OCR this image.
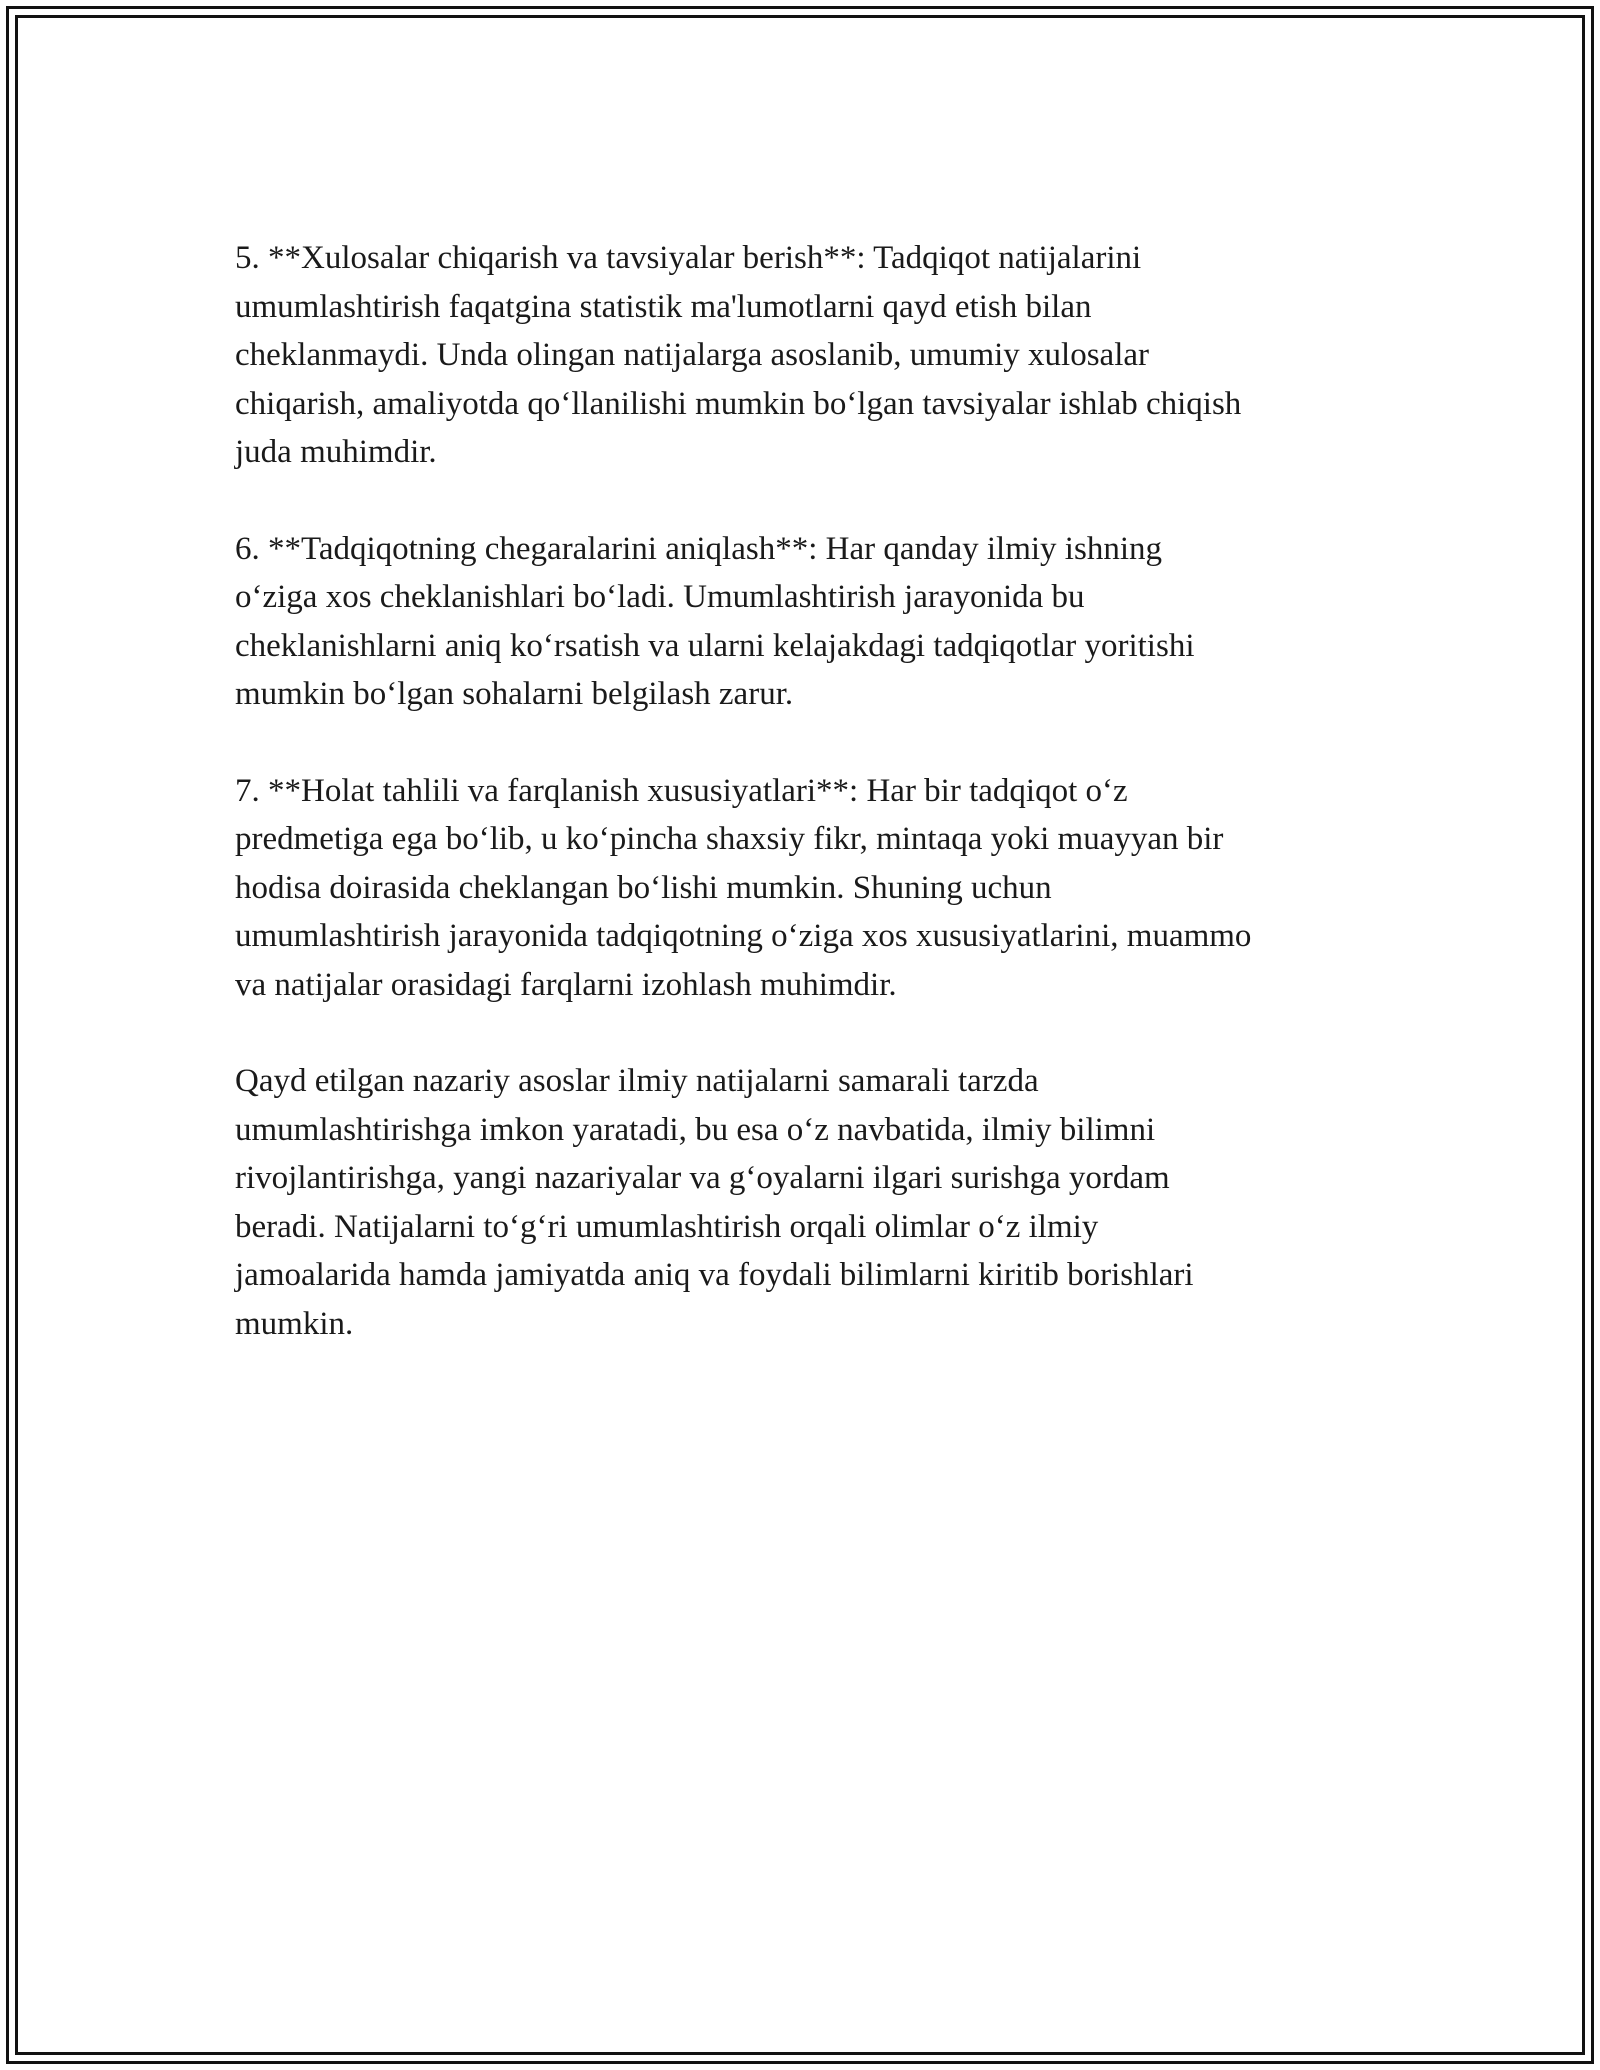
5. **Xulosalar chiqarish va tavsiyalar berish**: Tadqiqot natijalarini
umumlashtirish faqatgina statistik ma'lumotlarni qayd etish bilan
cheklanmaydi. Unda olingan natijalarga asoslanib, umumiy xulosalar
chiqarish, amaliyotda qo‘llanilishi mumkin bo‘lgan tavsiyalar ishlab chiqish
juda muhimdir.

6. **Tadqiqotning chegaralarini aniqlash**: Har qanday ilmiy ishning
o‘ziga xos cheklanishlari bo‘ladi. Umumlashtirish jarayonida bu
cheklanishlarni aniq ko‘rsatish va ularni kelajakdagi tadqiqotlar yoritishi
mumkin bo‘lgan sohalarni belgilash zarur.

7. **Holat tahlili va farqlanish xususiyatlari**: Har bir tadqiqot o‘z
predmetiga ega bo‘lib, u ko‘pincha shaxsiy fikr, mintaqa yoki muayyan bir
hodisa doirasida cheklangan bo‘lishi mumkin. Shuning uchun
umumlashtirish jarayonida tadqiqotning o‘ziga xos xususiyatlarini, muammo
va natijalar orasidagi farqlarni izohlash muhimdir.

Qayd etilgan nazariy asoslar ilmiy natijalarni samarali tarzda
umumlashtirishga imkon yaratadi, bu esa o‘z navbatida, ilmiy bilimni
rivojlantirishga, yangi nazariyalar va g‘oyalarni ilgari surishga yordam
beradi. Natijalarni to‘g‘ri umumlashtirish orqali olimlar o‘z ilmiy
jamoalarida hamda jamiyatda aniq va foydali bilimlarni kiritib borishlari
mumkin.
